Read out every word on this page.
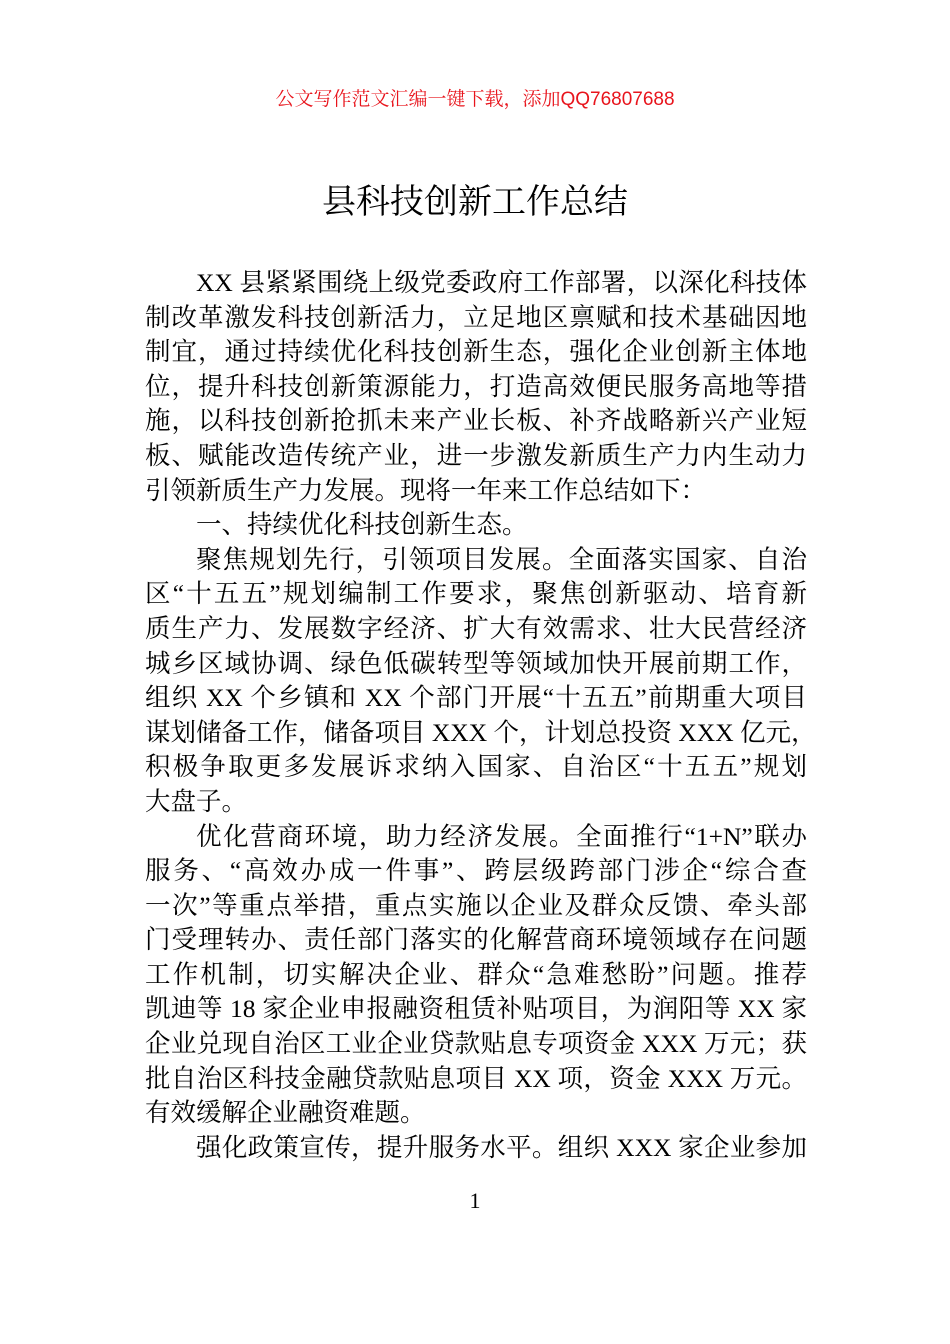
公文写作范文汇编一键下载，添加QQ76807688
县科技创新工作总结
XX 县紧紧围绕上级党委政府工作部署，以深化科技体
制改革激发科技创新活力，立足地区禀赋和技术基础因地
制宜，通过持续优化科技创新生态，强化企业创新主体地
位，提升科技创新策源能力，打造高效便民服务高地等措
施，以科技创新抢抓未来产业长板、补齐战略新兴产业短
板、赋能改造传统产业，进一步激发新质生产力内生动力
引领新质生产力发展。现将一年来工作总结如下：
一、持续优化科技创新生态。
聚焦规划先行，引领项目发展。全面落实国家、自治
区“十五五”规划编制工作要求，聚焦创新驱动、培育新
质生产力、发展数字经济、扩大有效需求、壮大民营经济
城乡区域协调、绿色低碳转型等领域加快开展前期工作，
组织 XX 个乡镇和 XX 个部门开展“十五五”前期重大项目
谋划储备工作，储备项目 XXX 个，计划总投资 XXX 亿元，
积极争取更多发展诉求纳入国家、自治区“十五五”规划
大盘子。
优化营商环境，助力经济发展。全面推行“1+N”联办
服务、“高效办成一件事”、跨层级跨部门涉企“综合查
一次”等重点举措，重点实施以企业及群众反馈、牵头部
门受理转办、责任部门落实的化解营商环境领域存在问题
工作机制，切实解决企业、群众“急难愁盼”问题。推荐
凯迪等 18 家企业申报融资租赁补贴项目，为润阳等 XX 家
企业兑现自治区工业企业贷款贴息专项资金 XXX 万元；获
批自治区科技金融贷款贴息项目 XX 项，资金 XXX 万元。
有效缓解企业融资难题。
强化政策宣传，提升服务水平。组织 XXX 家企业参加
1
